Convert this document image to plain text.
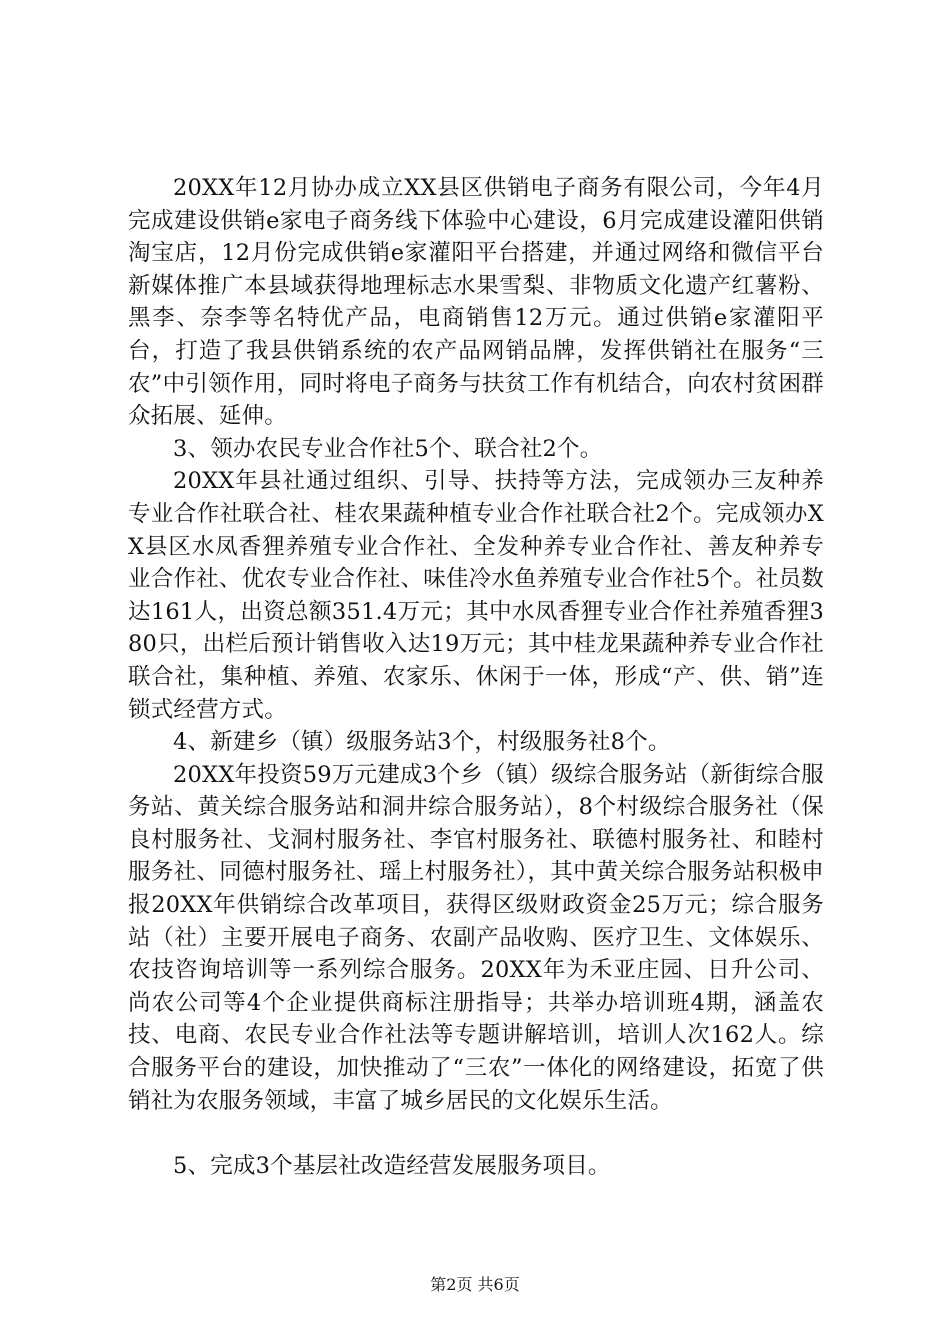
20XX年12月协办成立XX县区供销电子商务有限公司，今年4月完成建设供销e家电子商务线下体验中心建设，6月完成建设灌阳供销淘宝店，12月份完成供销e家灌阳平台搭建，并通过网络和微信平台新媒体推广本县域获得地理标志水果雪梨、非物质文化遗产红薯粉、黑李、奈李等名特优产品，电商销售12万元。通过供销e家灌阳平台，打造了我县供销系统的农产品网销品牌，发挥供销社在服务“三农”中引领作用，同时将电子商务与扶贫工作有机结合，向农村贫困群众拓展、延伸。

3、领办农民专业合作社5个、联合社2个。

20XX年县社通过组织、引导、扶持等方法，完成领办三友种养专业合作社联合社、桂农果蔬种植专业合作社联合社2个。完成领办XX县区水凤香狸养殖专业合作社、全发种养专业合作社、善友种养专业合作社、优农专业合作社、味佳冷水鱼养殖专业合作社5个。社员数达161人，出资总额351.4万元；其中水凤香狸专业合作社养殖香狸380只，出栏后预计销售收入达19万元；其中桂龙果蔬种养专业合作社联合社，集种植、养殖、农家乐、休闲于一体，形成“产、供、销”连锁式经营方式。

4、新建乡（镇）级服务站3个，村级服务社8个。

20XX年投资59万元建成3个乡（镇）级综合服务站（新街综合服务站、黄关综合服务站和洞井综合服务站），8个村级综合服务社（保良村服务社、戈洞村服务社、李官村服务社、联德村服务社、和睦村服务社、同德村服务社、瑶上村服务社），其中黄关综合服务站积极申报20XX年供销综合改革项目，获得区级财政资金25万元；综合服务站（社）主要开展电子商务、农副产品收购、医疗卫生、文体娱乐、农技咨询培训等一系列综合服务。20XX年为禾亚庄园、日升公司、尚农公司等4个企业提供商标注册指导；共举办培训班4期，涵盖农技、电商、农民专业合作社法等专题讲解培训，培训人次162人。综合服务平台的建设，加快推动了“三农”一体化的网络建设，拓宽了供销社为农服务领域，丰富了城乡居民的文化娱乐生活。

5、完成3个基层社改造经营发展服务项目。

第2页 共6页
